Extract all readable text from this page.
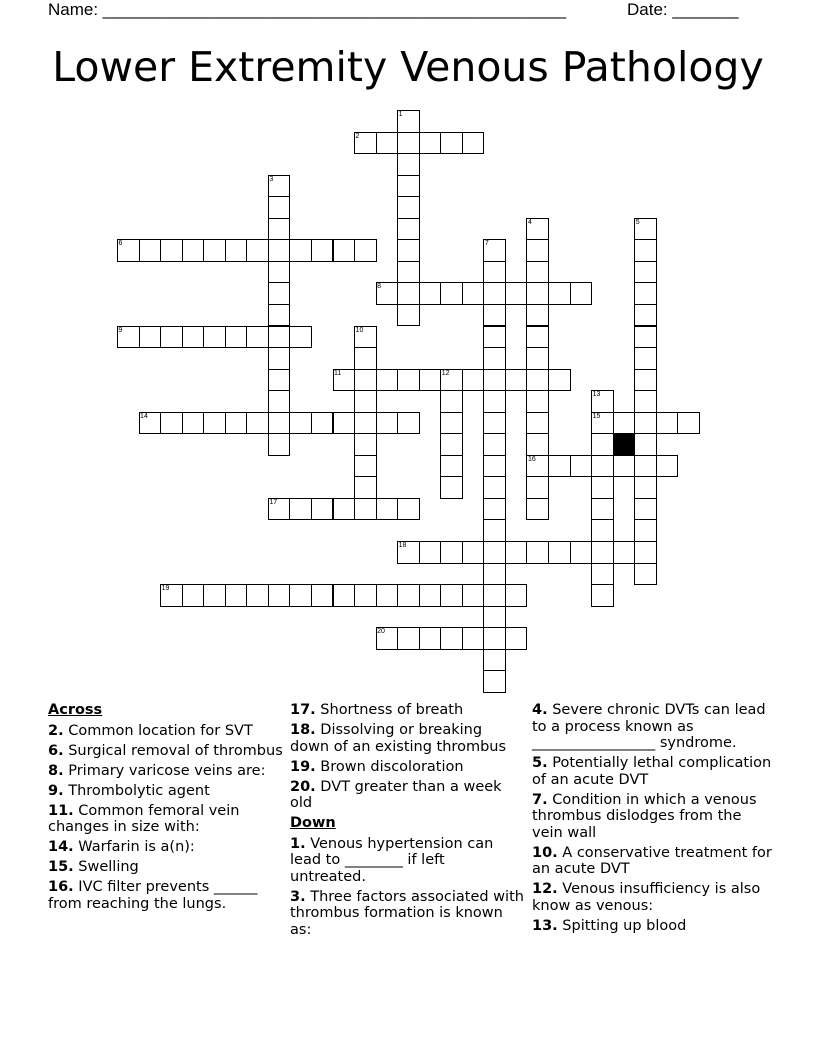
Name: _________________________________________________	Date: _______
Lower Extremity Venous Pathology
1
2
3
4	5
6	7
8
9	10
11	12
13
14	15
16
17
18
19
20
Across
2. Common location for SVT
6. Surgical removal of thrombus
8. Primary varicose veins are:
9. Thrombolytic agent
11. Common femoral vein changes in size with:
14. Warfarin is a(n):
15. Swelling
16. IVC filter prevents ______ from reaching the lungs.
17. Shortness of breath
18. Dissolving or breaking down of an existing thrombus
19. Brown discoloration
20. DVT greater than a week old
Down
1. Venous hypertension can lead to ________ if left untreated.
3. Three factors associated with thrombus formation is known as:
4. Severe chronic DVTs can lead to a process known as _________________ syndrome.
5. Potentially lethal complication of an acute DVT
7. Condition in which a venous thrombus dislodges from the vein wall
10. A conservative treatment for an acute DVT
12. Venous insufficiency is also know as venous:
13. Spitting up blood
